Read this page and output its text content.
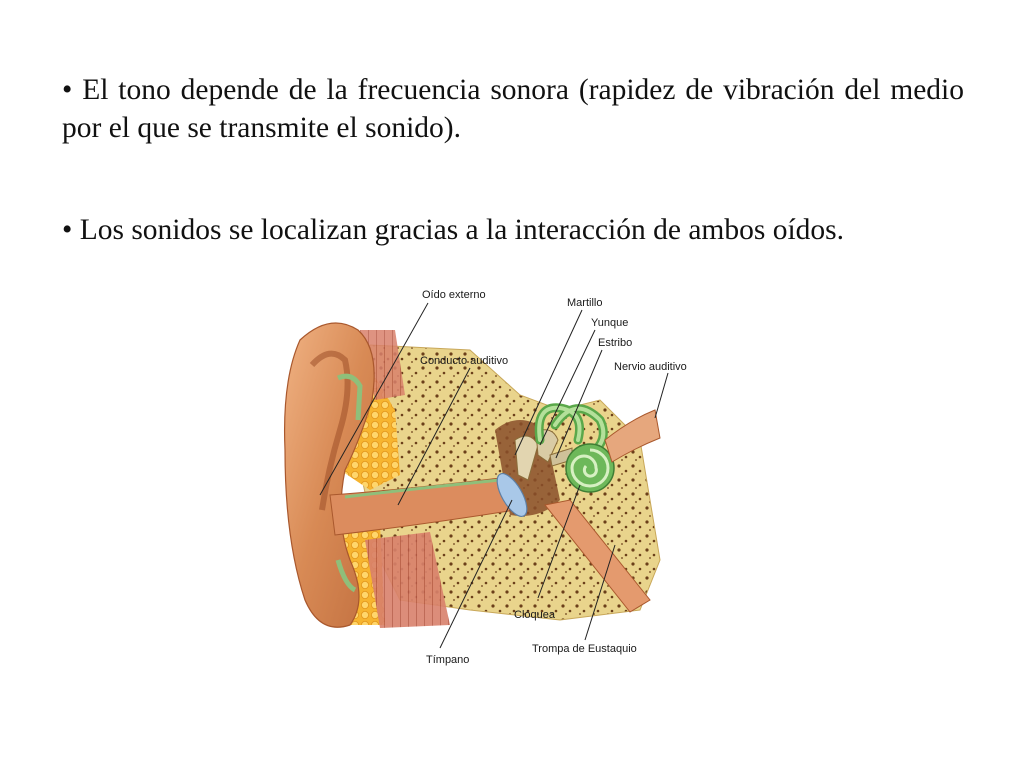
• El tono depende de la frecuencia sonora (rapidez de vibración del medio por el que se transmite el sonido).

• Los sonidos se localizan gracias a la interacción de ambos oídos.

Oído externo
Conducto auditivo
Martillo
Yunque
Estribo
Nervio auditivo
Clóquea
Tímpano
Trompa de Eustaquio
